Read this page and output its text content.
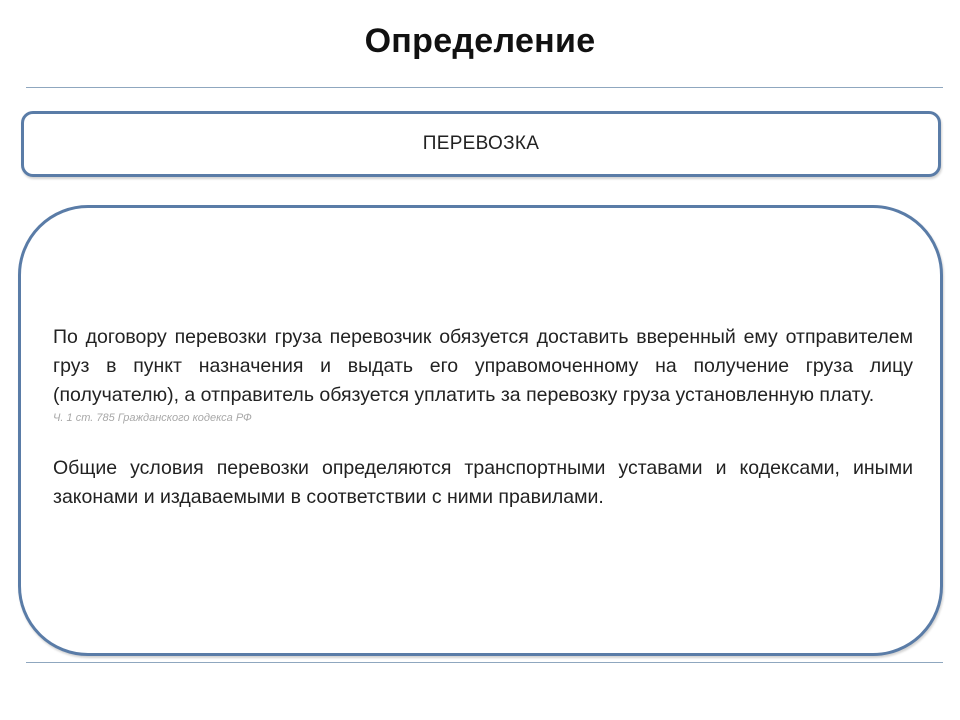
Определение
ПЕРЕВОЗКА

По договору перевозки груза перевозчик обязуется доставить вверенный ему отправителем груз в пункт назначения и выдать его управомоченному на получение груза лицу (получателю), а отправитель обязуется уплатить за перевозку груза установленную плату.

Ч. 1 ст. 785 Гражданского кодекса РФ

Общие условия перевозки определяются транспортными уставами и кодексами, иными законами и издаваемыми в соответствии с ними правилами.
